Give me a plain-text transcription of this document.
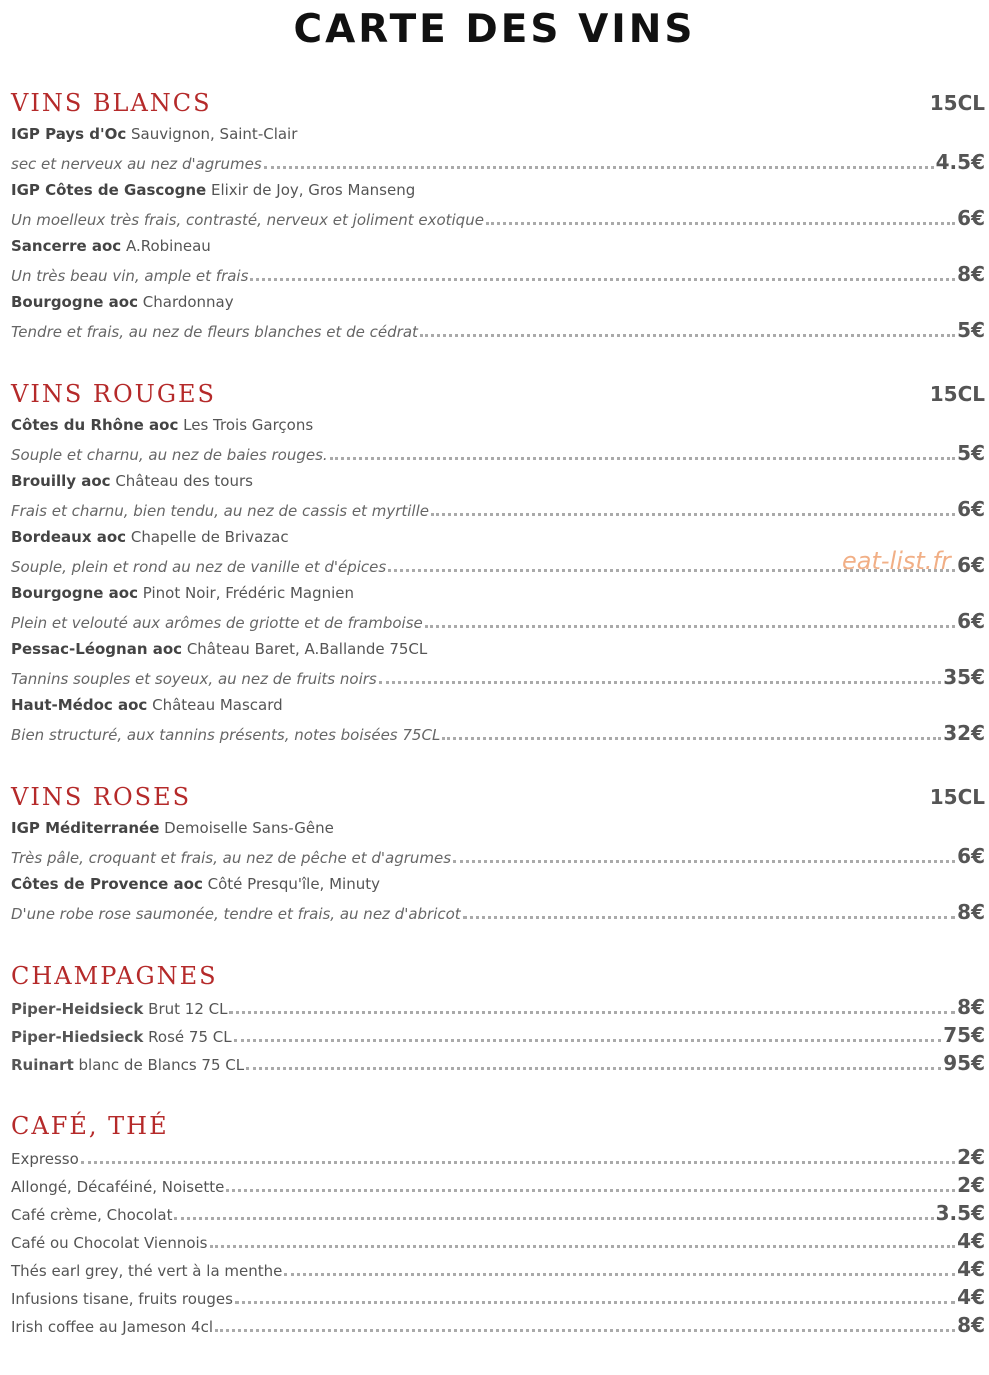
CARTE DES VINS
VINS BLANCS	15CL
IGP Pays d'Oc Sauvignon, Saint-Clair
sec et nerveux au nez d'agrumes	4.5€
IGP Côtes de Gascogne Elixir de Joy, Gros Manseng
Un moelleux très frais, contrasté, nerveux et joliment exotique	6€
Sancerre aoc A.Robineau
Un très beau vin, ample et frais	8€
Bourgogne aoc Chardonnay
Tendre et frais, au nez de fleurs blanches et de cédrat	5€
VINS ROUGES	15CL
Côtes du Rhône aoc Les Trois Garçons
Souple et charnu, au nez de baies rouges.	5€
Brouilly aoc Château des tours
Frais et charnu, bien tendu, au nez de cassis et myrtille	6€
Bordeaux aoc Chapelle de Brivazac
Souple, plein et rond au nez de vanille et d'épices	6€
Bourgogne aoc Pinot Noir, Frédéric Magnien
Plein et velouté aux arômes de griotte et de framboise	6€
Pessac-Léognan aoc Château Baret, A.Ballande 75CL
Tannins souples et soyeux, au nez de fruits noirs	35€
Haut-Médoc aoc Château Mascard
Bien structuré, aux tannins présents, notes boisées 75CL	32€
eat-list.fr
VINS ROSES	15CL
IGP Méditerranée Demoiselle Sans-Gêne
Très pâle, croquant et frais, au nez de pêche et d'agrumes	6€
Côtes de Provence aoc Côté Presqu'île, Minuty
D'une robe rose saumonée, tendre et frais, au nez d'abricot	8€
CHAMPAGNES
Piper-Heidsieck Brut 12 CL	8€
Piper-Hiedsieck Rosé 75 CL	75€
Ruinart blanc de Blancs 75 CL	95€
CAFÉ, THÉ
Expresso	2€
Allongé, Décaféiné, Noisette	2€
Café crème, Chocolat	3.5€
Café ou Chocolat Viennois	4€
Thés earl grey, thé vert à la menthe	4€
Infusions tisane, fruits rouges	4€
Irish coffee au Jameson 4cl	8€
